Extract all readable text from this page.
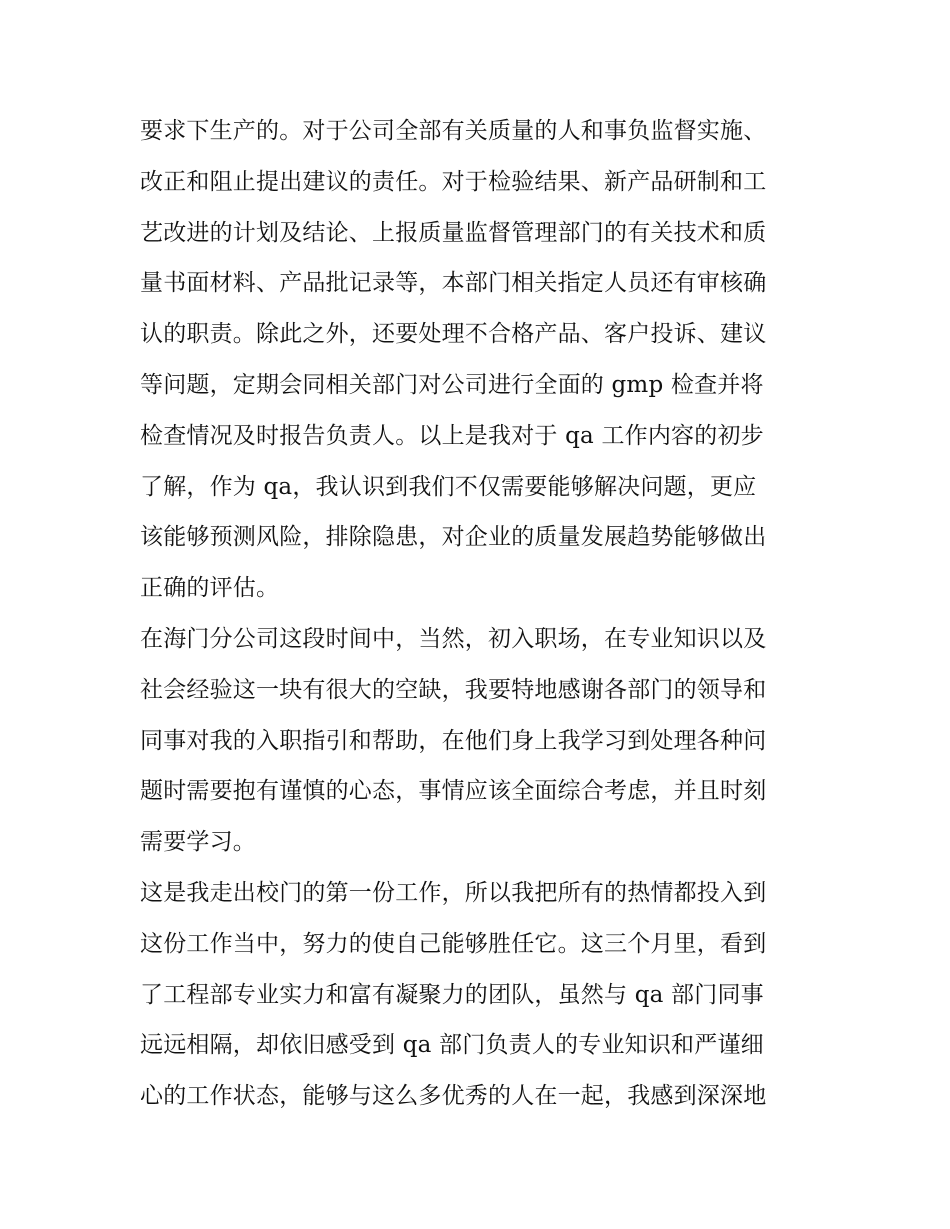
要求下生产的。对于公司全部有关质量的人和事负监督实施、
改正和阻止提出建议的责任。对于检验结果、新产品研制和工
艺改进的计划及结论、上报质量监督管理部门的有关技术和质
量书面材料、产品批记录等，本部门相关指定人员还有审核确
认的职责。除此之外，还要处理不合格产品、客户投诉、建议
等问题，定期会同相关部门对公司进行全面的 gmp 检查并将
检查情况及时报告负责人。以上是我对于 qa 工作内容的初步
了解，作为 qa，我认识到我们不仅需要能够解决问题，更应
该能够预测风险，排除隐患，对企业的质量发展趋势能够做出
正确的评估。
在海门分公司这段时间中，当然，初入职场，在专业知识以及
社会经验这一块有很大的空缺，我要特地感谢各部门的领导和
同事对我的入职指引和帮助，在他们身上我学习到处理各种问
题时需要抱有谨慎的心态，事情应该全面综合考虑，并且时刻
需要学习。
这是我走出校门的第一份工作，所以我把所有的热情都投入到
这份工作当中，努力的使自己能够胜任它。这三个月里，看到
了工程部专业实力和富有凝聚力的团队，虽然与 qa 部门同事
远远相隔，却依旧感受到 qa 部门负责人的专业知识和严谨细
心的工作状态，能够与这么多优秀的人在一起，我感到深深地
